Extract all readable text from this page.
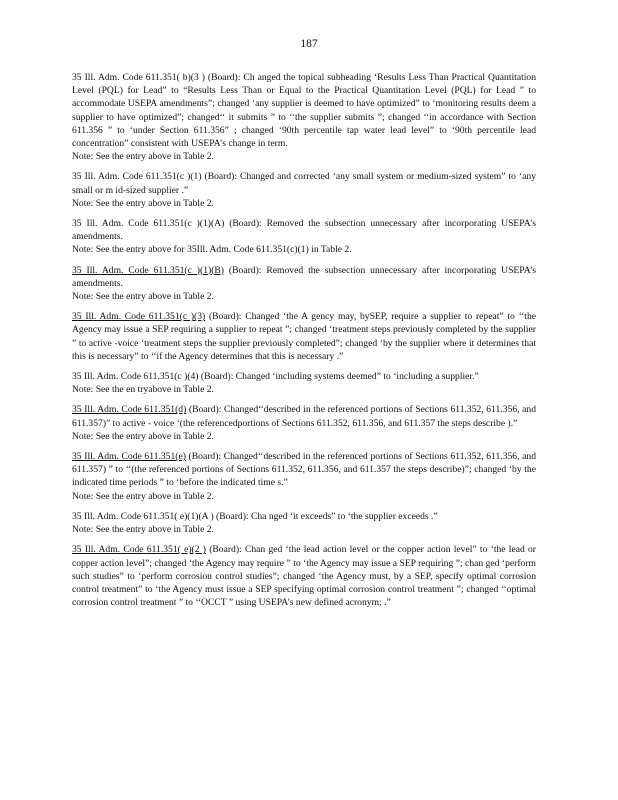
187

35 Ill. Adm. Code 611.351( b)(3 ) (Board): Ch anged the topical subheading ‘Results Less Than Practical Quantitation Level (PQL) for Lead” to “Results Less Than or Equal to the Practical Quantitation Level (PQL) for Lead ” to accommodate USEPA amendments”; changed ‘any supplier is deemed to have optimized” to ‘monitoring results deem a supplier to have optimized”; changed‘‘ it submits ” to ‘‘the supplier submits ”; changed ‘‘in accordance with Section 611.356 ” to ‘under Section 611.356” ; changed ‘90th percentile tap water lead level” to ‘90th percentile lead concentration” consistent with USEPA’s change in term.

Note: See the entry above in Table 2.

35 Ill. Adm. Code 611.351(c )(1) (Board): Changed and corrected ‘any small system or medium-sized system” to ‘any small or m id-sized supplier .”

Note: See the entry above in Table 2.

35 Ill. Adm. Code 611.351(c )(1)(A) (Board): Removed the subsection unnecessary after incorporating USEPA’s amendments.

Note: See the entry above for 35Ill. Adm. Code 611.351(c)(1) in Table 2.

35 Ill. Adm. Code 611.351(c )(1)(B) (Board): Removed the subsection unnecessary after incorporating USEPA’s amendments.

Note: See the entry above in Table 2.

35 Ill. Adm. Code 611.351(c )(3) (Board): Changed ‘the A gency may, bySEP, require a supplier to repeat” to ‘‘the Agency may issue a SEP requiring a supplier to repeat ”; changed ‘treatment steps previously completed by the supplier ” to active -voice ‘treatment steps the supplier previously completed”; changed ‘by the supplier where it determines that this is necessary” to ‘‘if the Agency determines that this is necessary .”

35 Ill. Adm. Code 611.351(c )(4) (Board): Changed ‘including systems deemed” to ‘including a supplier.”

Note: See the en tryabove in Table 2.

35 Ill. Adm. Code 611.351(d) (Board): Changed‘‘described in the referenced portions of Sections 611.352, 611.356, and 611.357)” to active - voice ‘(the referencedportions of Sections 611.352, 611.356, and 611.357 the steps describe ).”

Note: See the entry above in Table 2.

35 Ill. Adm. Code 611.351(e) (Board): Changed‘‘described in the referenced portions of Sections 611.352, 611.356, and 611.357) ” to ‘‘(the referenced portions of Sections 611.352, 611.356, and 611.357 the steps describe)”; changed ‘by the indicated time periods ” to ‘before the indicated time s.”

Note: See the entry above in Table 2.

35 Ill. Adm. Code 611.351( e)(1)(A ) (Board): Cha nged ‘it exceeds” to ‘the supplier exceeds .”

Note: See the entry above in Table 2.

35 Ill. Adm. Code 611.351( e)(2 ) (Board): Chan ged ‘the lead action level or the copper action level” to ‘the lead or copper action level”; changed ‘the Agency may require ” to ‘the Agency may issue a SEP requiring ”; chan ged ‘perform such studies” to ‘perform corrosion control studies”; changed ‘the Agency must, by a SEP, specify optimal corrosion control treatment” to ‘the Agency must issue a SEP specifying optimal corrosion control treatment ”; changed ‘‘optimal corrosion control treatment ” to ‘‘OCCT ” using USEPA’s new defined acronym; .”
